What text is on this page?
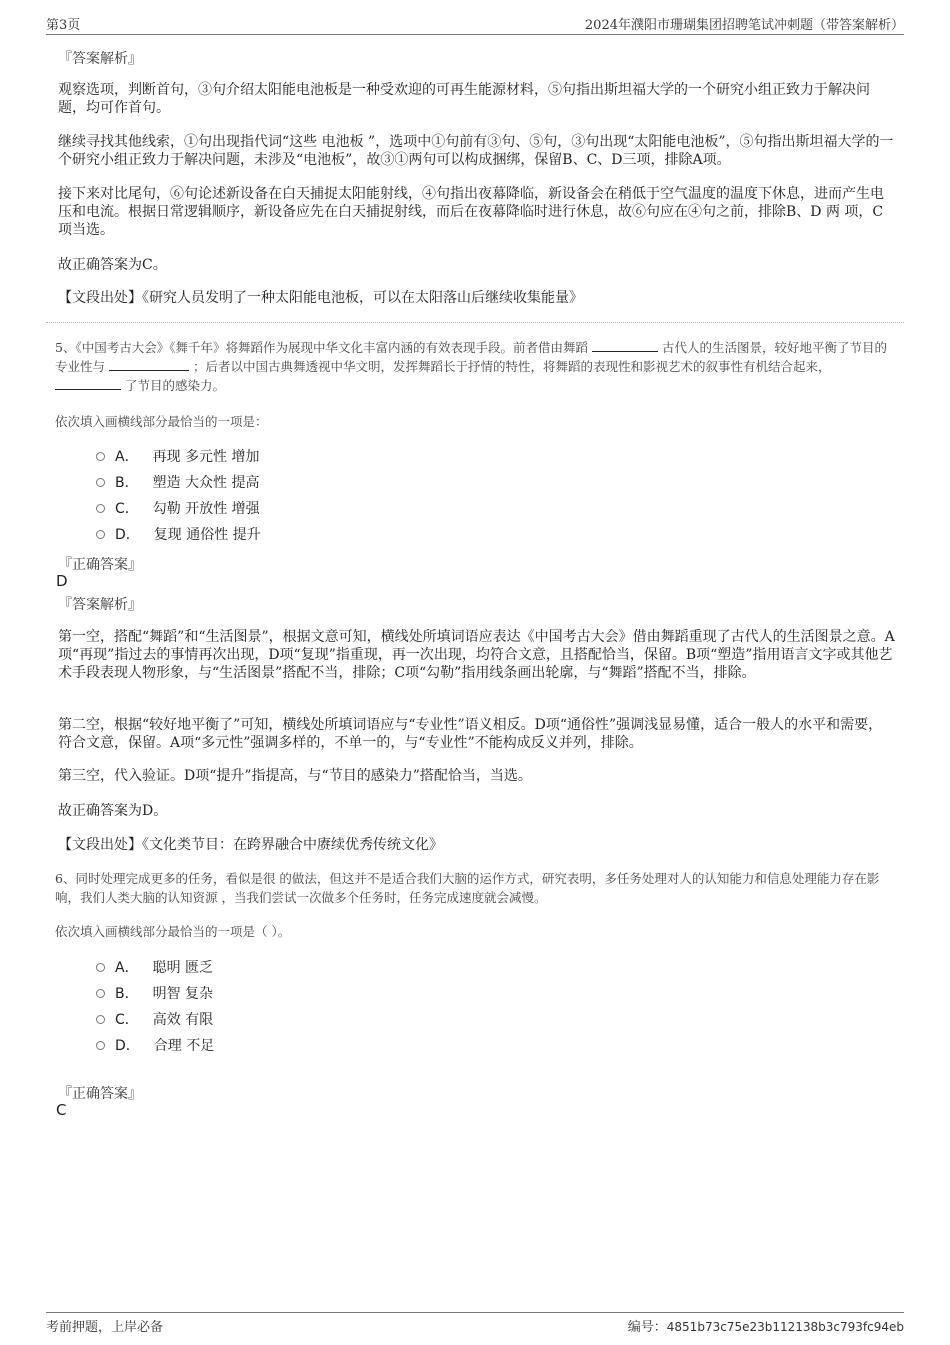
第3页	2024年濮阳市珊瑚集团招聘笔试冲刺题（带答案解析）
『答案解析』
观察选项，判断首句，③句介绍太阳能电池板是一种受欢迎的可再生能源材料，⑤句指出斯坦福大学的一个研究小组正致力于解决问题，均可作首句。
继续寻找其他线索，①句出现指代词“这些 电池板 ”，选项中①句前有③句、⑤句，③句出现“太阳能电池板”，⑤句指出斯坦福大学的一个研究小组正致力于解决问题，未涉及“电池板”，故③①两句可以构成捆绑，保留B、C、D三项，排除A项。
接下来对比尾句，⑥句论述新设备在白天捕捉太阳能射线，④句指出夜幕降临，新设备会在稍低于空气温度的温度下休息，进而产生电压和电流。根据日常逻辑顺序，新设备应先在白天捕捉射线，而后在夜幕降临时进行休息，故⑥句应在④句之前，排除B、D 两 项，C项当选。
故正确答案为C。
【文段出处】《研究人员发明了一种太阳能电池板，可以在太阳落山后继续收集能量》
5、《中国考古大会》《舞千年》将舞蹈作为展现中华文化丰富内涵的有效表现手段。前者借由舞蹈	古代人的生活图景，较好地平衡了节目的专业性与	；后者以中国古典舞透视中华文明，发挥舞蹈长于抒情的特性，将舞蹈的表现性和影视艺术的叙事性有机结合起来，  了节目的感染力。
依次填入画横线部分最恰当的一项是：
A． 再现 多元性 增加
B． 塑造 大众性 提高
C． 勾勒 开放性 增强
D． 复现 通俗性 提升
『正确答案』
D
『答案解析』
第一空，搭配“舞蹈”和“生活图景”，根据文意可知，横线处所填词语应表达《中国考古大会》借由舞蹈重现了古代人的生活图景之意。A项“再现”指过去的事情再次出现，D项“复现”指重现，再一次出现，均符合文意，且搭配恰当，保留。B项“塑造”指用语言文字或其他艺术手段表现人物形象，与“生活图景”搭配不当，排除；C项“勾勒”指用线条画出轮廓，与“舞蹈”搭配不当，排除。
第二空，根据“较好地平衡了”可知，横线处所填词语应与“专业性”语义相反。D项“通俗性”强调浅显易懂，适合一般人的水平和需要，符合文意，保留。A项“多元性”强调多样的，不单一的，与“专业性”不能构成反义并列，排除。
第三空，代入验证。D项“提升”指提高，与“节目的感染力”搭配恰当，当选。
故正确答案为D。
【文段出处】《文化类节目：在跨界融合中赓续优秀传统文化》
6、同时处理完成更多的任务，看似是很 的做法，但这并不是适合我们大脑的运作方式，研究表明，多任务处理对人的认知能力和信息处理能力存在影响，我们人类大脑的认知资源 ，当我们尝试一次做多个任务时，任务完成速度就会减慢。
依次填入画横线部分最恰当的一项是（ ）。
A． 聪明 匮乏
B． 明智 复杂
C． 高效 有限
D． 合理 不足
『正确答案』
C
考前押题，上岸必备	编号：4851b73c75e23b112138b3c793fc94eb
